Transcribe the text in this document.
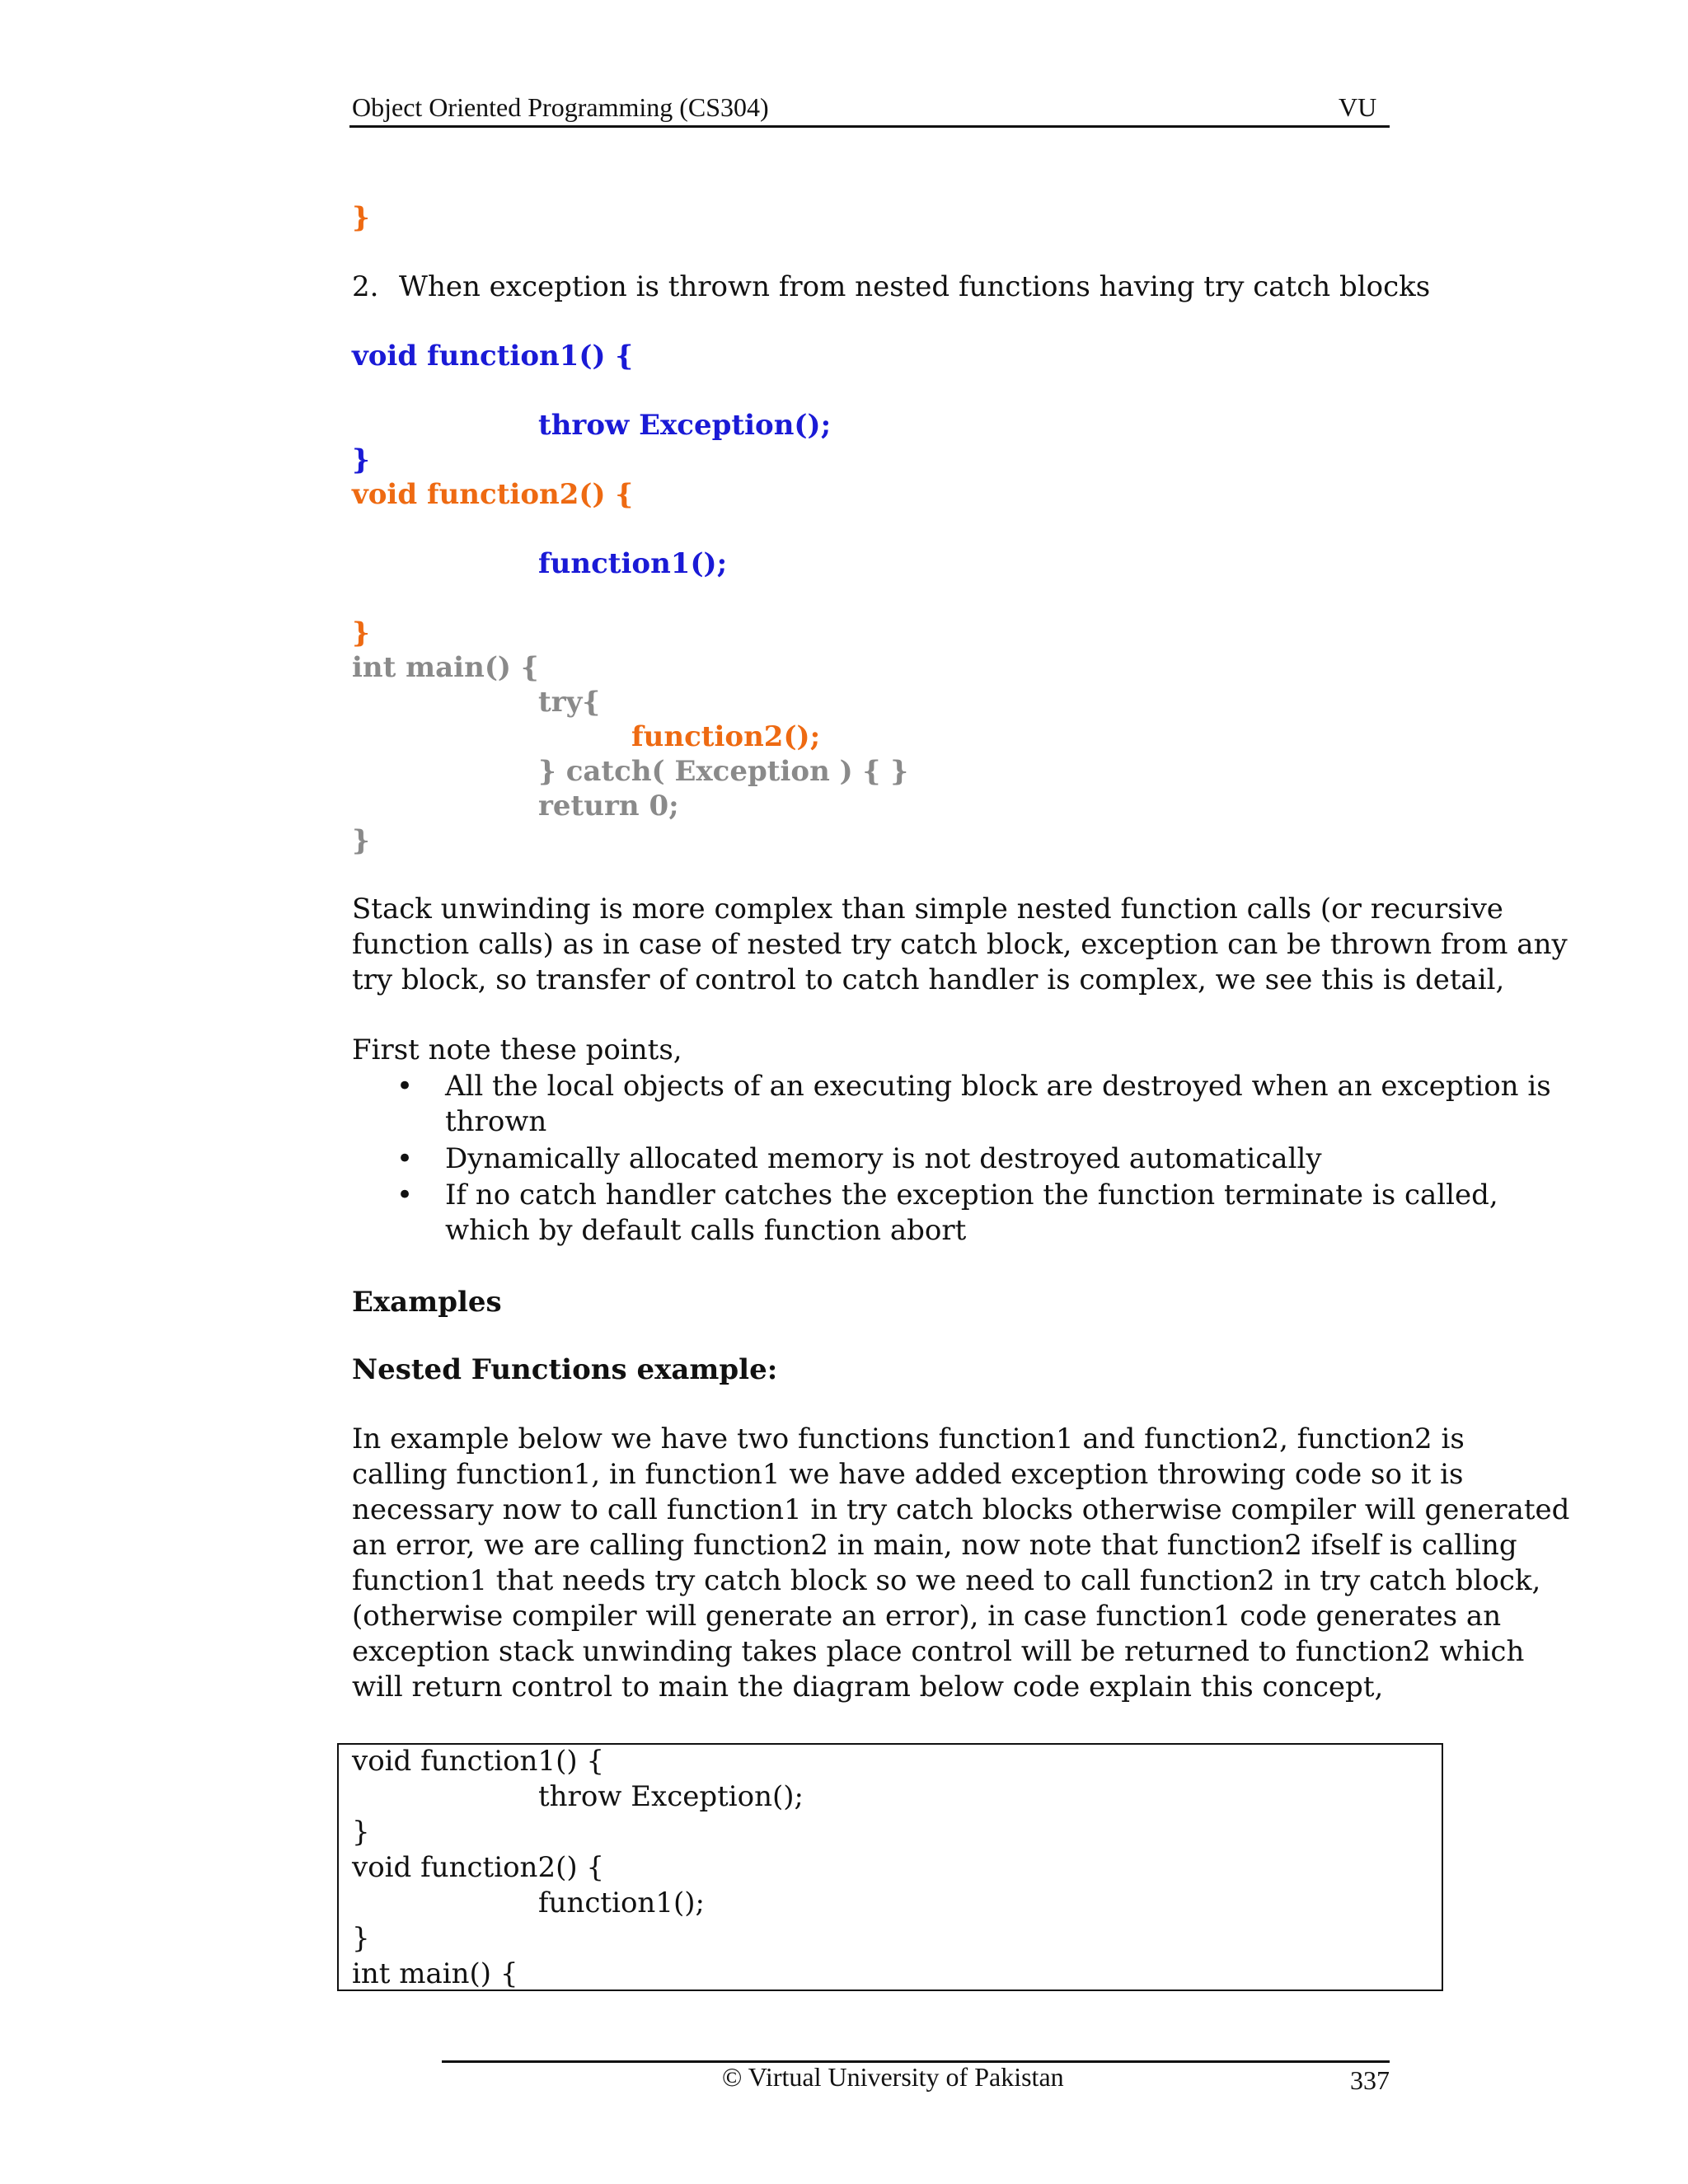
Object Oriented Programming (CS304)	VU
}
2. When exception is thrown from nested functions having try catch blocks
void function1() {
throw Exception();
}
void function2() {
function1();
}
int main() {
try{
function2();
} catch( Exception ) { }
return 0;
}
Stack unwinding is more complex than simple nested function calls (or recursive
function calls) as in case of nested try catch block, exception can be thrown from any
try block, so transfer of control to catch handler is complex, we see this is detail,
First note these points,
• All the local objects of an executing block are destroyed when an exception is
thrown
• Dynamically allocated memory is not destroyed automatically
• If no catch handler catches the exception the function terminate is called,
which by default calls function abort
Examples
Nested Functions example:
In example below we have two functions function1 and function2, function2 is
calling function1, in function1 we have added exception throwing code so it is
necessary now to call function1 in try catch blocks otherwise compiler will generated
an error, we are calling function2 in main, now note that function2 ifself is calling
function1 that needs try catch block so we need to call function2 in try catch block,
(otherwise compiler will generate an error), in case function1 code generates an
exception stack unwinding takes place control will be returned to function2 which
will return control to main the diagram below code explain this concept,
void function1() {
throw Exception();
}
void function2() {
function1();
}
int main() {
© Virtual University of Pakistan	337
